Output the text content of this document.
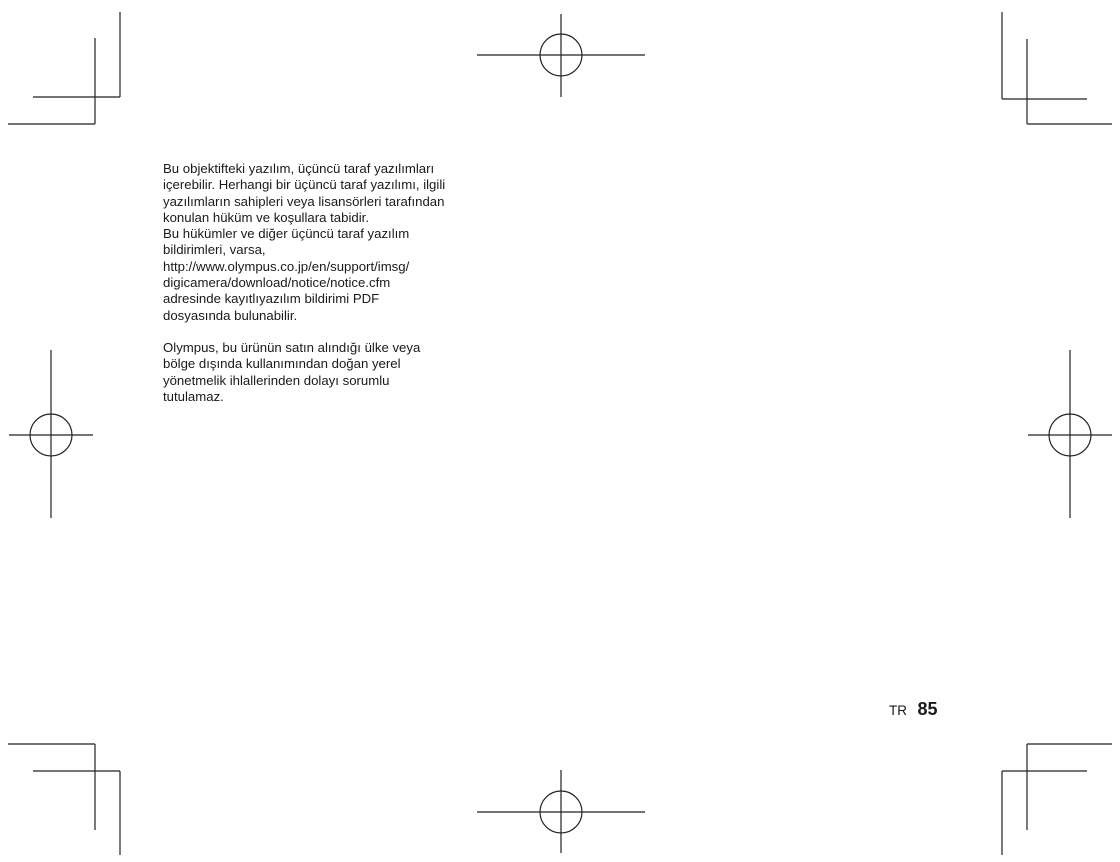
Bu objektifteki yazılım, üçüncü taraf yazılımları
içerebilir. Herhangi bir üçüncü taraf yazılımı, ilgili
yazılımların sahipleri veya lisansörleri tarafından
konulan hüküm ve koşullara tabidir.
Bu hükümler ve diğer üçüncü taraf yazılım
bildirimleri, varsa,
http://www.olympus.co.jp/en/support/imsg/
digicamera/download/notice/notice.cfm
adresinde kayıtlıyazılım bildirimi PDF
dosyasında bulunabilir.

Olympus, bu ürünün satın alındığı ülke veya
bölge dışında kullanımından doğan yerel
yönetmelik ihlallerinden dolayı sorumlu
tutulamaz.

TR 85
